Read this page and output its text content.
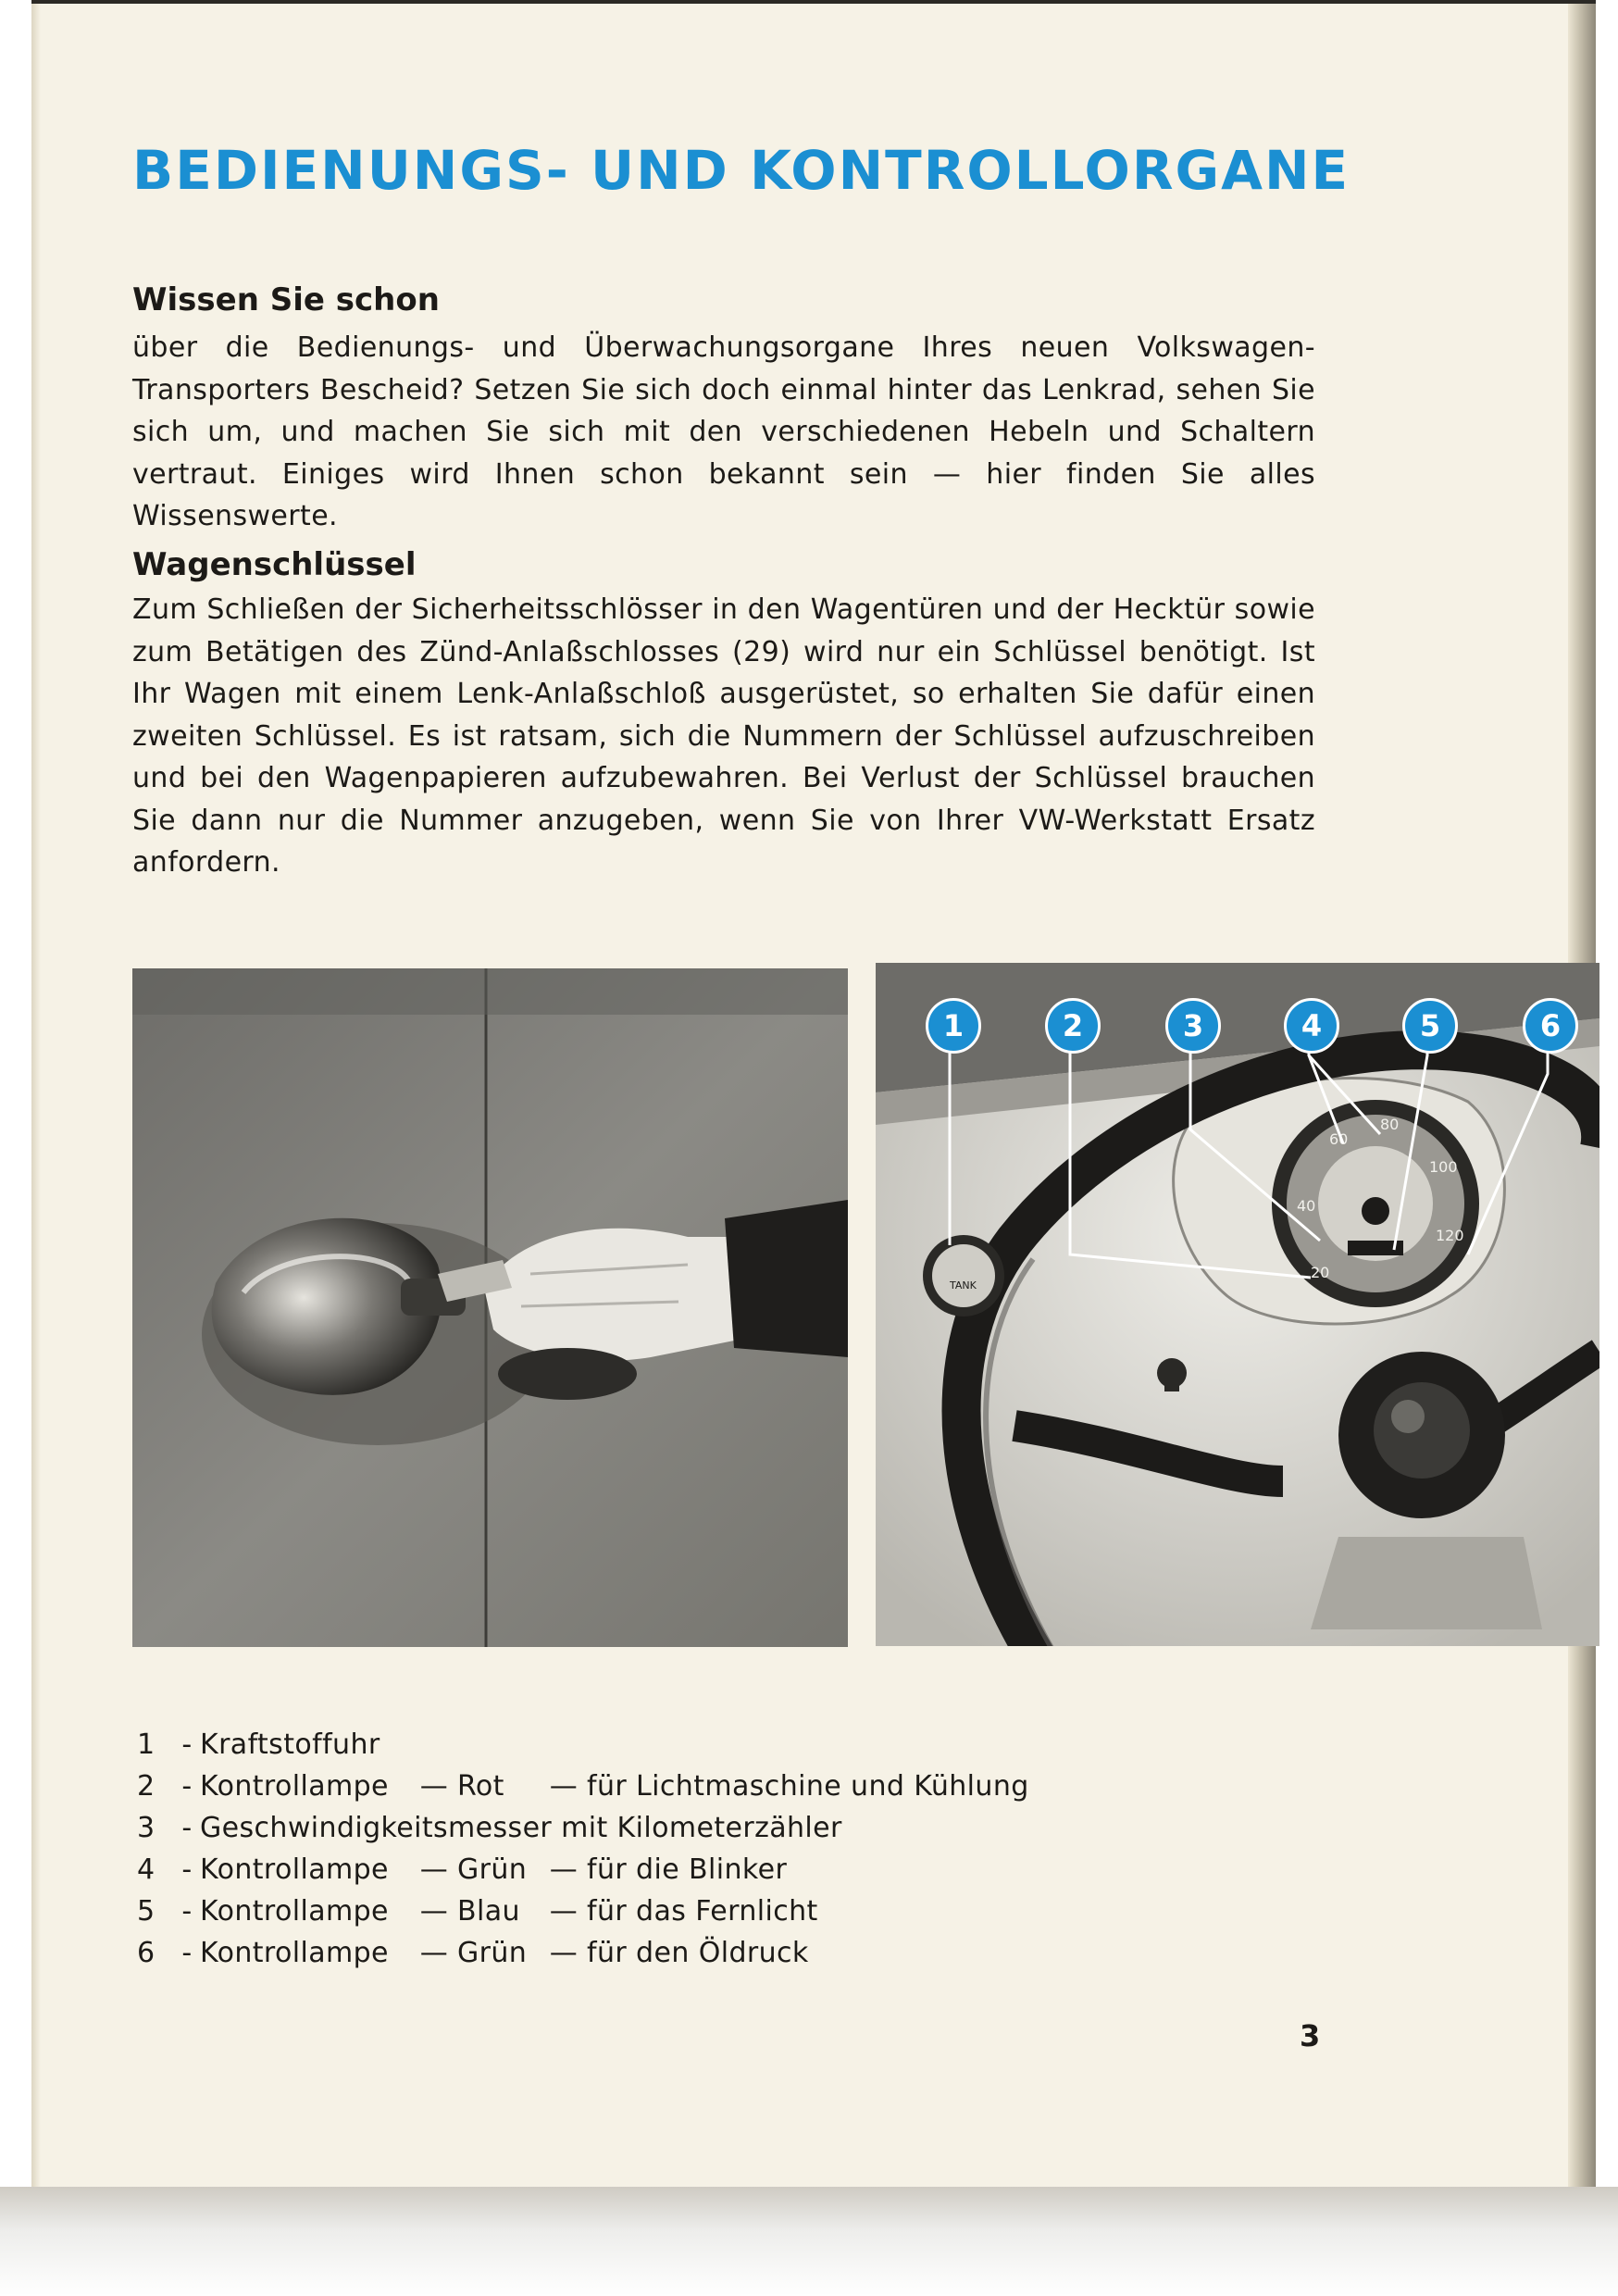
BEDIENUNGS- UND KONTROLLORGANE
Wissen Sie schon

über die Bedienungs- und Überwachungsorgane Ihres neuen Volkswagen-Transporters Bescheid? Setzen Sie sich doch einmal hinter das Lenkrad, sehen Sie sich um, und machen Sie sich mit den verschiedenen Hebeln und Schaltern vertraut. Einiges wird Ihnen schon bekannt sein — hier finden Sie alles Wissenswerte.

Wagenschlüssel

Zum Schließen der Sicherheitsschlösser in den Wagentüren und der Hecktür sowie zum Betätigen des Zünd-Anlaßschlosses (29) wird nur ein Schlüssel benötigt. Ist Ihr Wagen mit einem Lenk-Anlaßschloß ausgerüstet, so erhalten Sie dafür einen zweiten Schlüssel. Es ist ratsam, sich die Nummern der Schlüssel aufzuschreiben und bei den Wagenpapieren aufzubewahren. Bei Verlust der Schlüssel brauchen Sie dann nur die Nummer anzugeben, wenn Sie von Ihrer VW-Werkstatt Ersatz anfordern.

20
40
60
80
100
120
TANK
1	2	3	4	5	6
1 - Kraftstoffuhr
2 - Kontrollampe	— Rot	— für Lichtmaschine und Kühlung
3 - Geschwindigkeitsmesser mit Kilometerzähler
4 - Kontrollampe	— Grün — für die Blinker
5 - Kontrollampe	— Blau	— für das Fernlicht
6 - Kontrollampe	— Grün — für den Öldruck
3
